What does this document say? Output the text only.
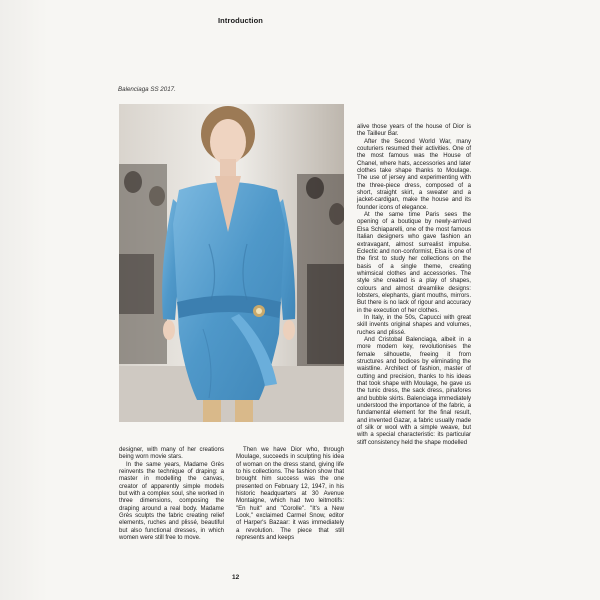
Introduction
Balenciaga SS 2017.

designer, with many of her creations being worn movie stars.

In the same years, Madame Grès reinvents the technique of draping: a master in modelling the canvas, creator of apparently simple models but with a complex soul, she worked in three dimensions, composing the draping around a real body. Madame Grès sculpts the fabric creating relief elements, ruches and plissé, beautiful but also functional dresses, in which women were still free to move.

Then we have Dior who, through Moulage, succeeds in sculpting his idea of woman on the dress stand, giving life to his collections. The fashion show that brought him success was the one presented on February 12, 1947, in his historic headquarters at 30 Avenue Montaigne, which had two leitmotifs: "En huit" and "Corolle". "It's a New Look," exclaimed Carmel Snow, editor of Harper's Bazaar: it was immediately a revolution. The piece that still represents and keeps

alive those years of the house of Dior is the Tailleur Bar.

After the Second World War, many couturiers resumed their activities. One of the most famous was the House of Chanel, where hats, accessories and later clothes take shape thanks to Moulage. The use of jersey and experimenting with the three-piece dress, composed of a short, straight skirt, a sweater and a jacket-cardigan, make the house and its founder icons of elegance.

At the same time Paris sees the opening of a boutique by newly-arrived Elsa Schiaparelli, one of the most famous Italian designers who gave fashion an extravagant, almost surrealist impulse. Eclectic and non-conformist, Elsa is one of the first to study her collections on the basis of a single theme, creating whimsical clothes and accessories. The style she created is a play of shapes, colours and almost dreamlike designs: lobsters, elephants, giant mouths, mirrors. But there is no lack of rigour and accuracy in the execution of her clothes.

In Italy, in the 50s, Capucci with great skill invents original shapes and volumes, ruches and plissé.

And Cristobal Balenciaga, albeit in a more modern key, revolutionises the female silhouette, freeing it from structures and bodices by eliminating the waistline. Architect of fashion, master of cutting and precision, thanks to his ideas that took shape with Moulage, he gave us the tunic dress, the sack dress, pinafores and bubble skirts. Balenciaga immediately understood the importance of the fabric, a fundamental element for the final result, and invented Gazar, a fabric usually made of silk or wool with a simple weave, but with a special characteristic: its particular stiff consistency held the shape modelled

12
